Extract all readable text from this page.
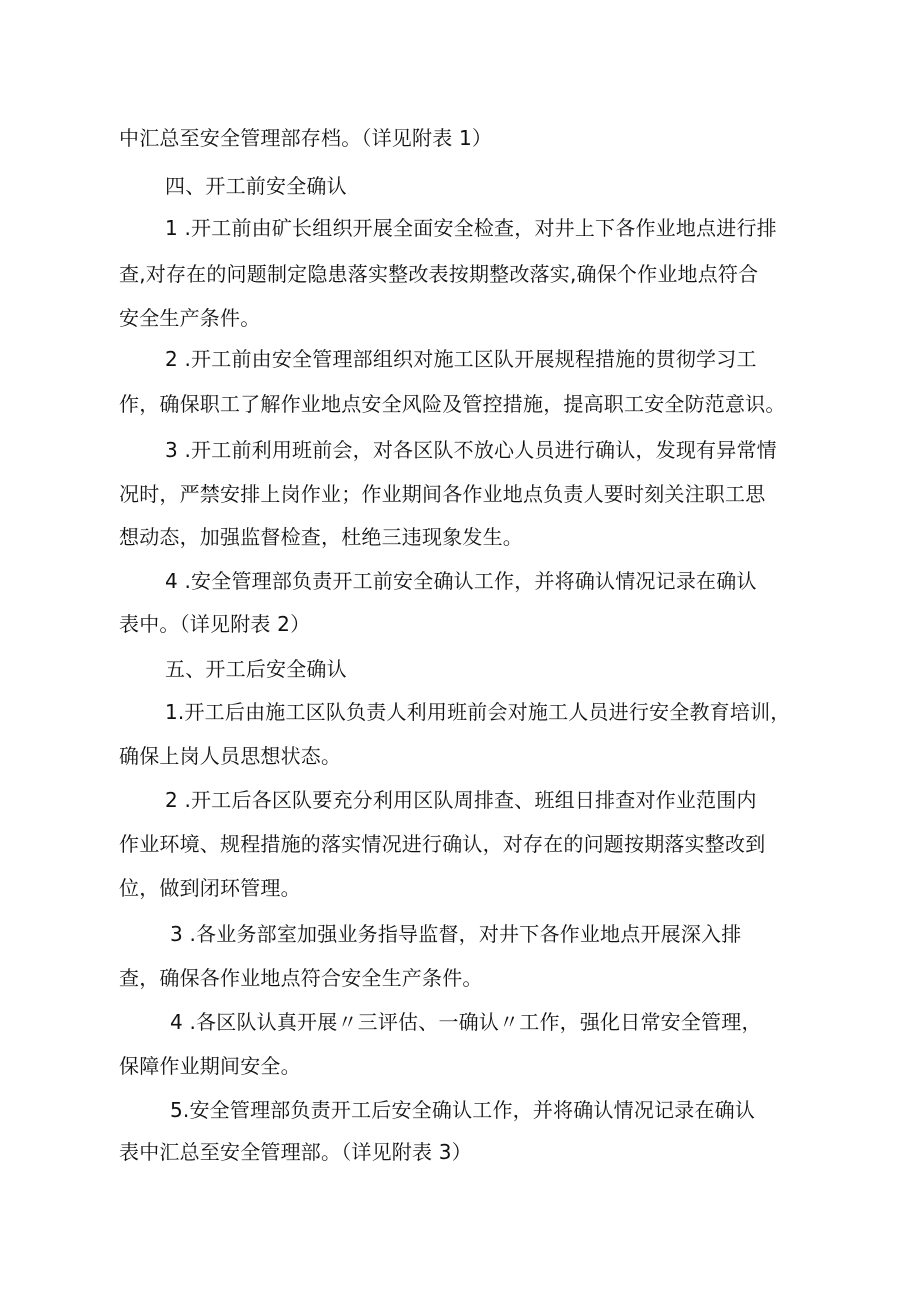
中汇总至安全管理部存档。（详见附表 1）
四、开工前安全确认
1 .开工前由矿长组织开展全面安全检查，对井上下各作业地点进行排
查,对存在的问题制定隐患落实整改表按期整改落实,确保个作业地点符合
安全生产条件。
2 .开工前由安全管理部组织对施工区队开展规程措施的贯彻学习工
作，确保职工了解作业地点安全风险及管控措施，提高职工安全防范意识。
3 .开工前利用班前会，对各区队不放心人员进行确认，发现有异常情
况时，严禁安排上岗作业；作业期间各作业地点负责人要时刻关注职工思
想动态，加强监督检查，杜绝三违现象发生。
4 .安全管理部负责开工前安全确认工作，并将确认情况记录在确认
表中。（详见附表 2）
五、开工后安全确认
1.开工后由施工区队负责人利用班前会对施工人员进行安全教育培训，
确保上岗人员思想状态。
2 .开工后各区队要充分利用区队周排查、班组日排查对作业范围内
作业环境、规程措施的落实情况进行确认，对存在的问题按期落实整改到
位，做到闭环管理。
3 .各业务部室加强业务指导监督，对井下各作业地点开展深入排
查，确保各作业地点符合安全生产条件。
4 .各区队认真开展〃三评估、一确认〃工作，强化日常安全管理，
保障作业期间安全。
5.安全管理部负责开工后安全确认工作，并将确认情况记录在确认
表中汇总至安全管理部。（详见附表 3）
